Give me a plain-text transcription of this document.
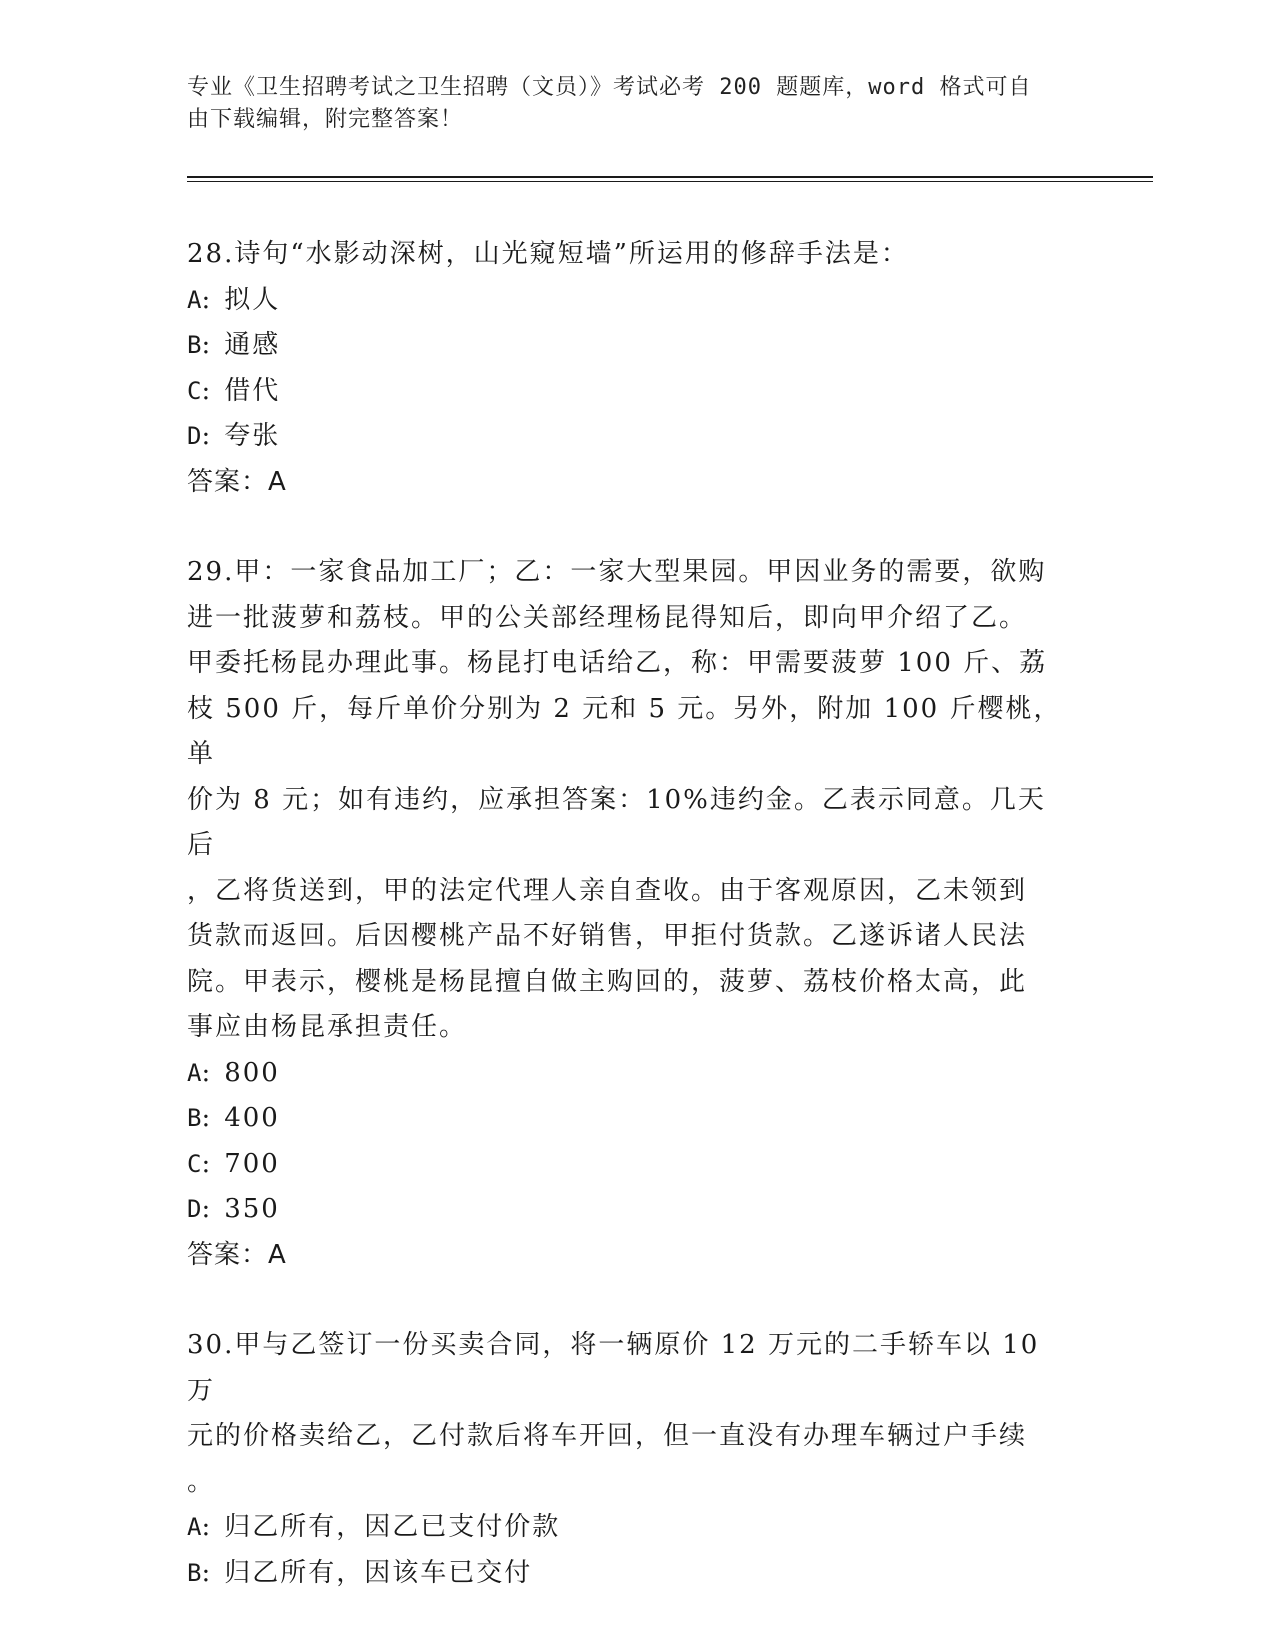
专业《卫生招聘考试之卫生招聘（文员）》考试必考 200 题题库，word 格式可自
由下载编辑，附完整答案！

28.诗句“水影动深树，山光窥短墙”所运用的修辞手法是：

A: 拟人

B: 通感

C: 借代

D: 夸张

答案：A

29.甲：一家食品加工厂；乙：一家大型果园。甲因业务的需要，欲购

进一批菠萝和荔枝。甲的公关部经理杨昆得知后，即向甲介绍了乙。

甲委托杨昆办理此事。杨昆打电话给乙，称：甲需要菠萝 100 斤、荔

枝 500 斤，每斤单价分别为 2 元和 5 元。另外，附加 100 斤樱桃，单

价为 8 元；如有违约，应承担答案：10%违约金。乙表示同意。几天后

，乙将货送到，甲的法定代理人亲自查收。由于客观原因，乙未领到

货款而返回。后因樱桃产品不好销售，甲拒付货款。乙遂诉诸人民法

院。甲表示，樱桃是杨昆擅自做主购回的，菠萝、荔枝价格太高，此

事应由杨昆承担责任。

A: 800

B: 400

C: 700

D: 350

答案：A

30.甲与乙签订一份买卖合同，将一辆原价 12 万元的二手轿车以 10 万

元的价格卖给乙，乙付款后将车开回，但一直没有办理车辆过户手续

。

A: 归乙所有，因乙已支付价款

B: 归乙所有，因该车已交付
